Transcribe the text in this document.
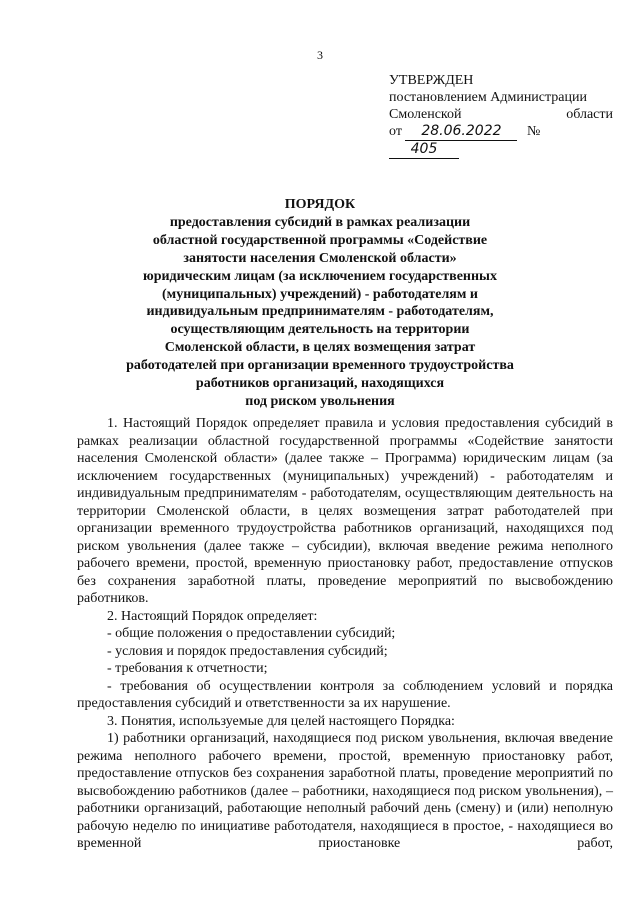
3
УТВЕРЖДЕН
постановлением Администрации
Смоленской	области
от 28.06.2022 № 405
ПОРЯДОК
предоставления субсидий в рамках реализации
областной государственной программы «Содействие
занятости населения Смоленской области»
юридическим лицам (за исключением государственных
(муниципальных) учреждений) - работодателям и
индивидуальным предпринимателям - работодателям,
осуществляющим деятельность на территории
Смоленской области, в целях возмещения затрат
работодателей при организации временного трудоустройства
работников организаций, находящихся
под риском увольнения

1. Настоящий Порядок определяет правила и условия предоставления субсидий в рамках реализации областной государственной программы «Содействие занятости населения Смоленской области» (далее также – Программа) юридическим лицам (за исключением государственных (муниципальных) учреждений) - работодателям и индивидуальным предпринимателям - работодателям, осуществляющим деятельность на территории Смоленской области, в целях возмещения затрат работодателей при организации временного трудоустройства работников организаций, находящихся под риском увольнения (далее также – субсидии), включая введение режима неполного рабочего времени, простой, временную приостановку работ, предоставление отпусков без сохранения заработной платы, проведение мероприятий по высвобождению работников.

2. Настоящий Порядок определяет:

- общие положения о предоставлении субсидий;

- условия и порядок предоставления субсидий;

- требования к отчетности;

- требования об осуществлении контроля за соблюдением условий и порядка предоставления субсидий и ответственности за их нарушение.

3. Понятия, используемые для целей настоящего Порядка:

1) работники организаций, находящиеся под риском увольнения, включая введение режима неполного рабочего времени, простой, временную приостановку работ, предоставление отпусков без сохранения заработной платы, проведение мероприятий по высвобождению работников (далее – работники, находящиеся под риском увольнения), – работники организаций, работающие неполный рабочий день (смену) и (или) неполную рабочую неделю по инициативе работодателя, находящиеся в простое, - находящиеся во временной приостановке работ,
